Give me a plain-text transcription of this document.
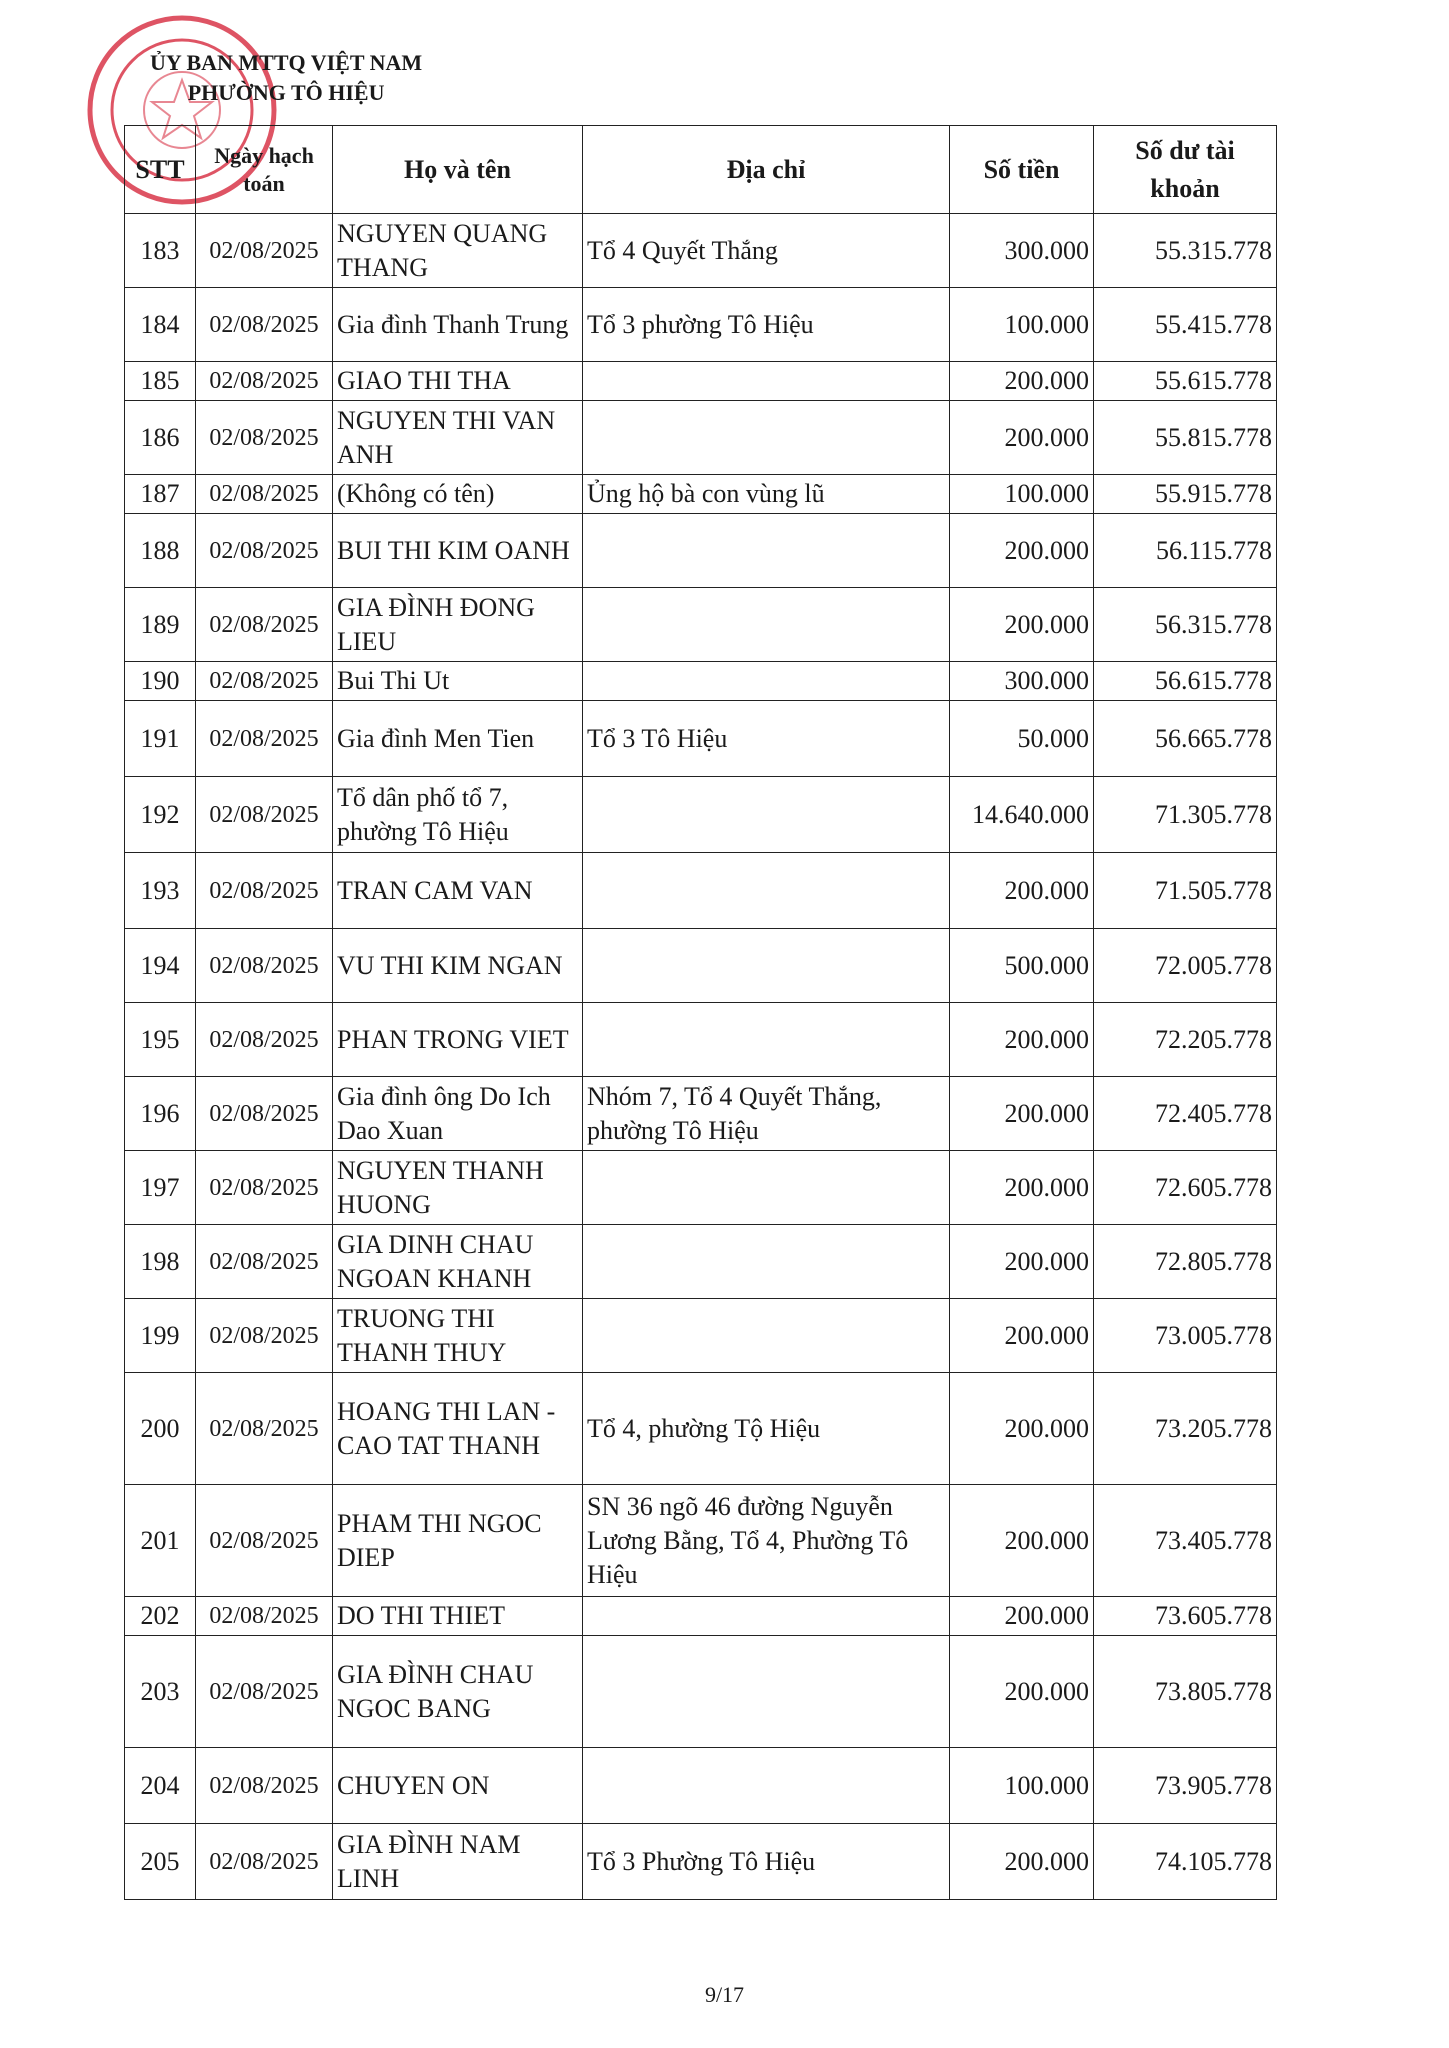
ỦY BAN MTTQ VIỆT NAM
PHƯỜNG TÔ HIỆU
STT	Ngày hạch toán	Họ và tên	Địa chỉ	Số tiền	Số dư tài khoản
183	02/08/2025	NGUYEN QUANG THANG	Tổ 4 Quyết Thắng	300.000	55.315.778
184	02/08/2025	Gia đình Thanh Trung	Tổ 3 phường Tô Hiệu	100.000	55.415.778
185	02/08/2025	GIAO THI THA		200.000	55.615.778
186	02/08/2025	NGUYEN THI VAN ANH		200.000	55.815.778
187	02/08/2025	(Không có tên)	Ủng hộ bà con vùng lũ	100.000	55.915.778
188	02/08/2025	BUI THI KIM OANH		200.000	56.115.778
189	02/08/2025	GIA ĐÌNH ĐONG LIEU		200.000	56.315.778
190	02/08/2025	Bui Thi Ut		300.000	56.615.778
191	02/08/2025	Gia đình Men Tien	Tổ 3 Tô Hiệu	50.000	56.665.778
192	02/08/2025	Tổ dân phố tổ 7, phường Tô Hiệu		14.640.000	71.305.778
193	02/08/2025	TRAN CAM VAN		200.000	71.505.778
194	02/08/2025	VU THI KIM NGAN		500.000	72.005.778
195	02/08/2025	PHAN TRONG VIET		200.000	72.205.778
196	02/08/2025	Gia đình ông Do Ich Dao Xuan	Nhóm 7, Tổ 4 Quyết Thắng, phường Tô Hiệu	200.000	72.405.778
197	02/08/2025	NGUYEN THANH HUONG		200.000	72.605.778
198	02/08/2025	GIA DINH CHAU NGOAN KHANH		200.000	72.805.778
199	02/08/2025	TRUONG THI THANH THUY		200.000	73.005.778
200	02/08/2025	HOANG THI LAN - CAO TAT THANH	Tổ 4, phường Tộ Hiệu	200.000	73.205.778
201	02/08/2025	PHAM THI NGOC DIEP	SN 36 ngõ 46 đường Nguyễn Lương Bằng, Tổ 4, Phường Tô Hiệu	200.000	73.405.778
202	02/08/2025	DO THI THIET		200.000	73.605.778
203	02/08/2025	GIA ĐÌNH CHAU NGOC BANG		200.000	73.805.778
204	02/08/2025	CHUYEN ON		100.000	73.905.778
205	02/08/2025	GIA ĐÌNH NAM LINH	Tổ 3 Phường Tô Hiệu	200.000	74.105.778
9/17
